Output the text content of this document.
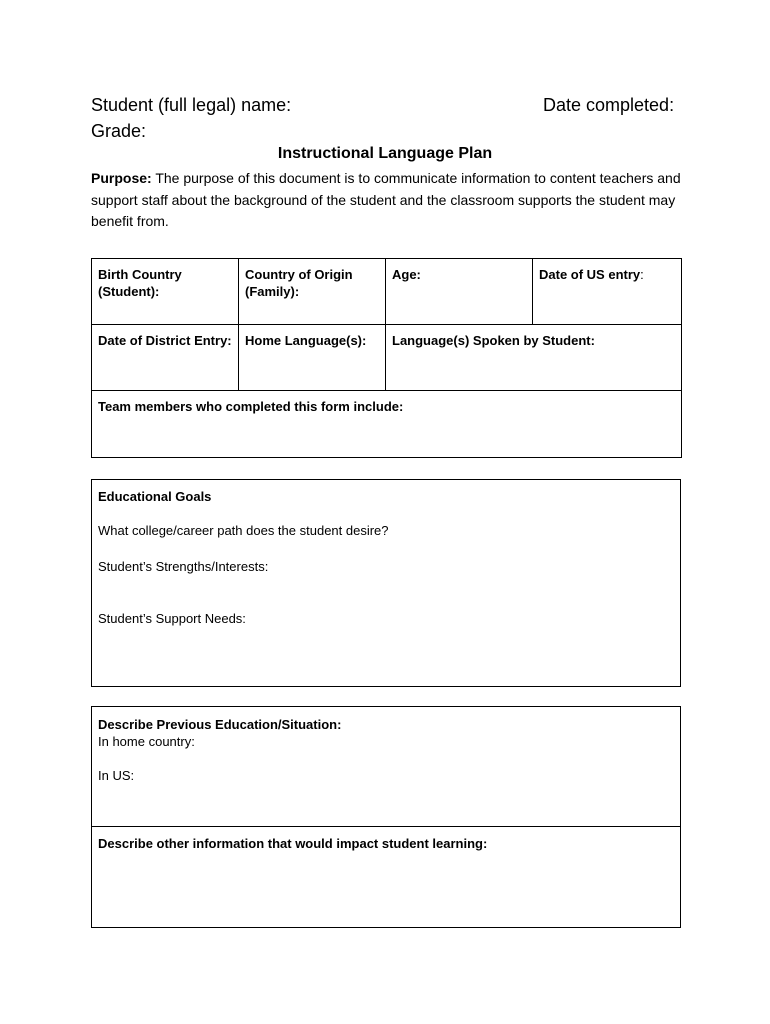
Student (full legal) name:	Date completed:
Grade:
Instructional Language Plan
Purpose: The purpose of this document is to communicate information to content teachers and support staff about the background of the student and the classroom supports the student may benefit from.
Birth Country (Student):	Country of Origin (Family):	Age:	Date of US entry:
Date of District Entry:	Home Language(s):	Language(s) Spoken by Student:	
Team members who completed this form include:			
Educational Goals
What college/career path does the student desire?
Student’s Strengths/Interests:
Student’s Support Needs:
Describe Previous Education/Situation:
In home country:
In US:
Describe other information that would impact student learning:
